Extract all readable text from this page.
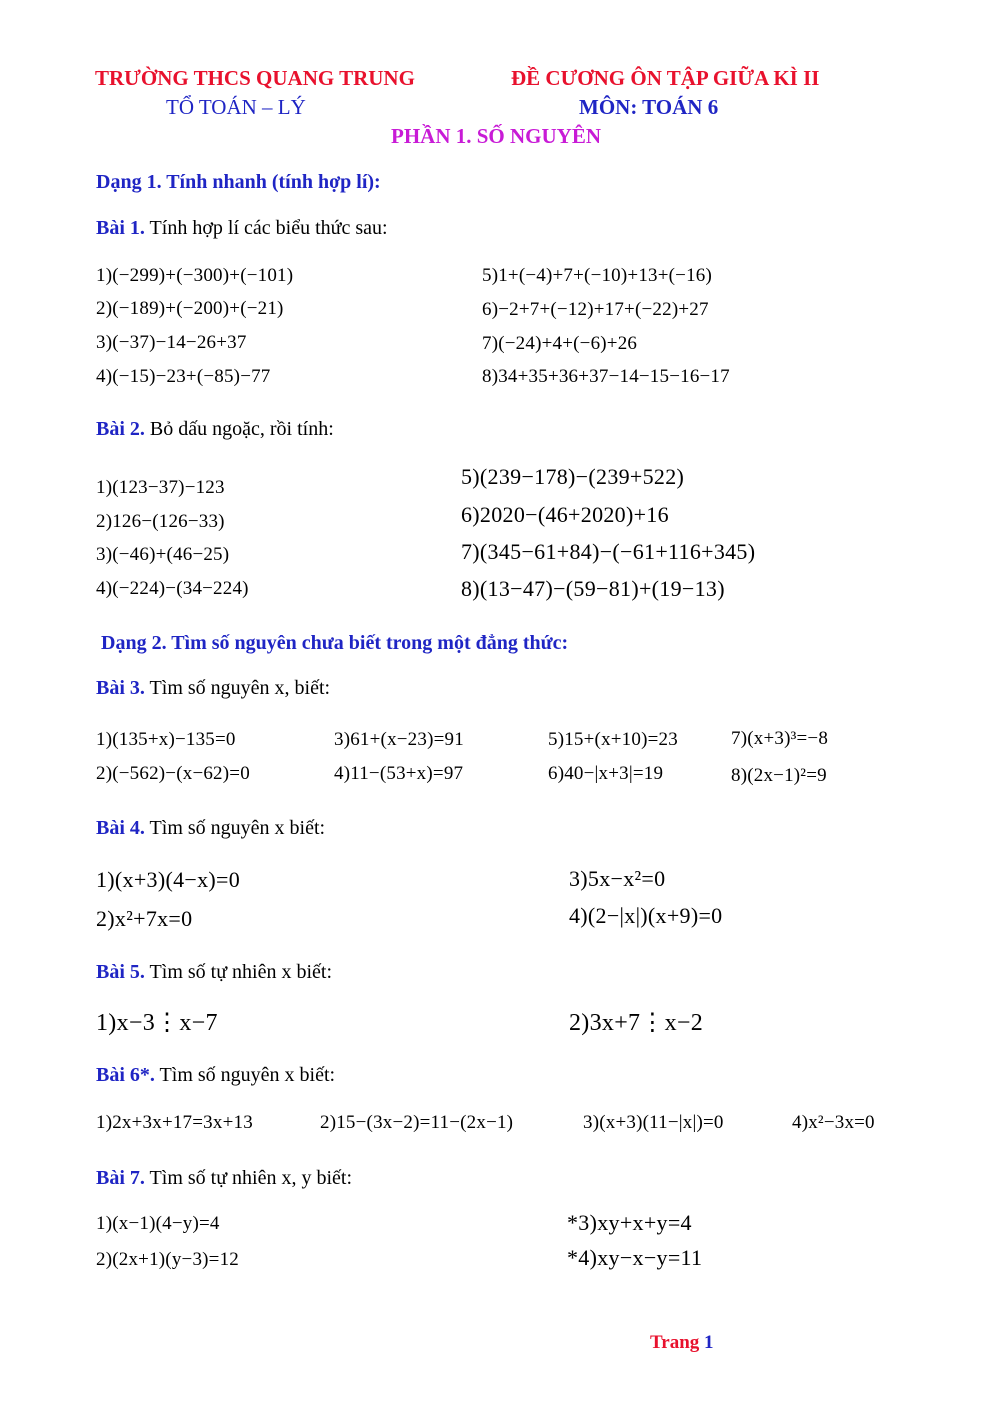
TRƯỜNG THCS QUANG TRUNG	ĐỀ CƯƠNG ÔN TẬP GIỮA KÌ II
TỔ TOÁN – LÝ	MÔN: TOÁN 6
PHẦN 1. SỐ NGUYÊN
Dạng 1. Tính nhanh (tính hợp lí):
Bài 1. Tính hợp lí các biểu thức sau:
1)(−299)+(−300)+(−101)
2)(−189)+(−200)+(−21)
3)(−37)−14−26+37
4)(−15)−23+(−85)−77
5)1+(−4)+7+(−10)+13+(−16)
6)−2+7+(−12)+17+(−22)+27
7)(−24)+4+(−6)+26
8)34+35+36+37−14−15−16−17
Bài 2. Bỏ dấu ngoặc, rồi tính:
1)(123−37)−123
2)126−(126−33)
3)(−46)+(46−25)
4)(−224)−(34−224)
5)(239−178)−(239+522)
6)2020−(46+2020)+16
7)(345−61+84)−(−61+116+345)
8)(13−47)−(59−81)+(19−13)
Dạng 2. Tìm số nguyên chưa biết trong một đẳng thức:
Bài 3. Tìm số nguyên x, biết:
1)(135+x)−135=0
2)(−562)−(x−62)=0
3)61+(x−23)=91
4)11−(53+x)=97
5)15+(x+10)=23
6)40−|x+3|=19
7)(x+3)³=−8
8)(2x−1)²=9
Bài 4. Tìm số nguyên x biết:
1)(x+3)(4−x)=0
2)x²+7x=0
3)5x−x²=0
4)(2−|x|)(x+9)=0
Bài 5. Tìm số tự nhiên x biết:
1)x−3⋮x−7	2)3x+7⋮x−2
Bài 6*. Tìm số nguyên x biết:
1)2x+3x+17=3x+13	2)15−(3x−2)=11−(2x−1)	3)(x+3)(11−|x|)=0	4)x²−3x=0
Bài 7. Tìm số tự nhiên x, y biết:
1)(x−1)(4−y)=4
2)(2x+1)(y−3)=12
*3)xy+x+y=4
*4)xy−x−y=11
Trang 1
